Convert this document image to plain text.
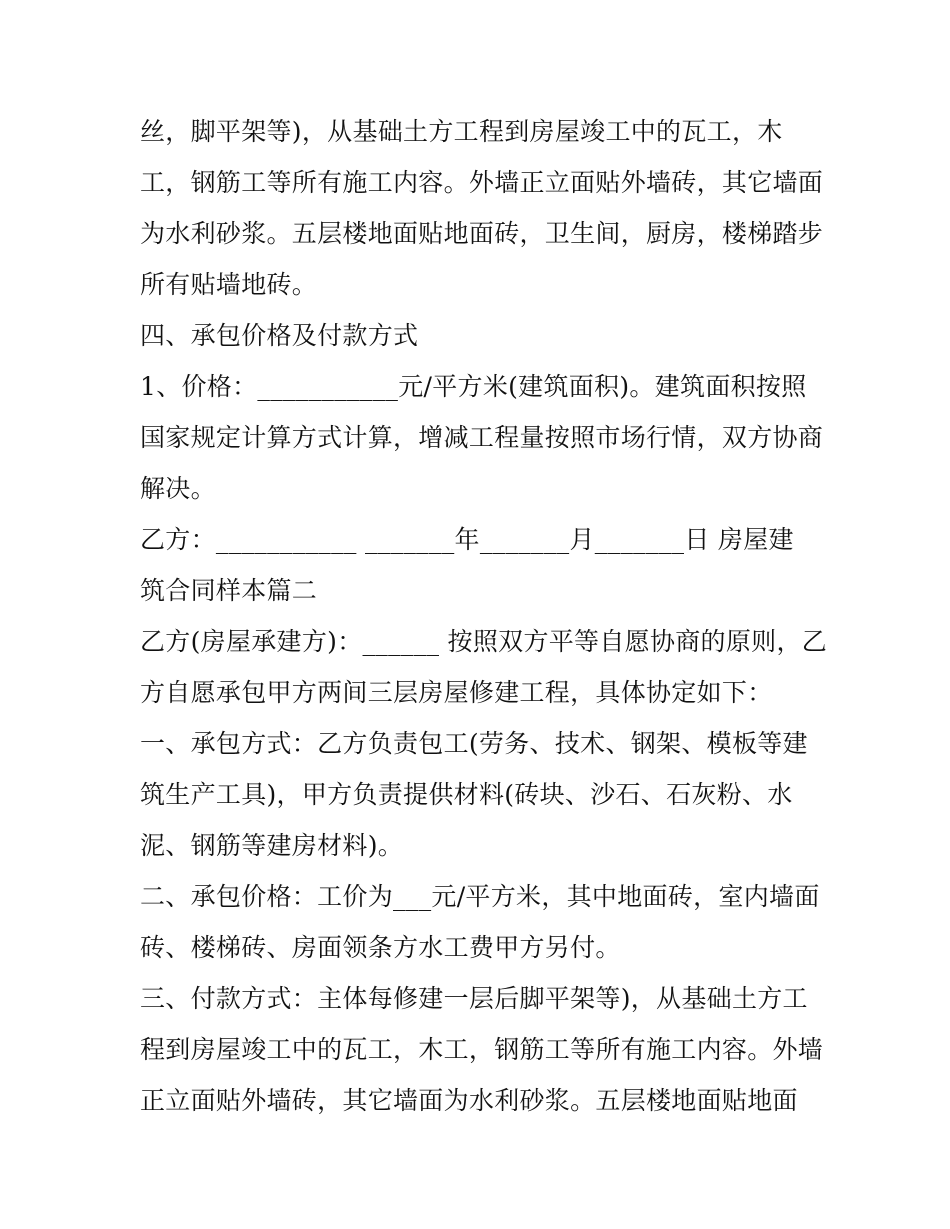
丝，脚平架等)，从基础土方工程到房屋竣工中的瓦工，木
工，钢筋工等所有施工内容。外墙正立面贴外墙砖，其它墙面
为水利砂浆。五层楼地面贴地面砖，卫生间，厨房，楼梯踏步
所有贴墙地砖。
四、承包价格及付款方式
1、价格：___________元/平方米(建筑面积)。建筑面积按照
国家规定计算方式计算，增减工程量按照市场行情，双方协商
解决。
乙方：___________ _______年_______月_______日 房屋建
筑合同样本篇二
乙方(房屋承建方)：______ 按照双方平等自愿协商的原则，乙
方自愿承包甲方两间三层房屋修建工程，具体协定如下：
一、承包方式：乙方负责包工(劳务、技术、钢架、模板等建
筑生产工具)，甲方负责提供材料(砖块、沙石、石灰粉、水
泥、钢筋等建房材料)。
二、承包价格：工价为___元/平方米，其中地面砖，室内墙面
砖、楼梯砖、房面领条方水工费甲方另付。
三、付款方式：主体每修建一层后脚平架等)，从基础土方工
程到房屋竣工中的瓦工，木工，钢筋工等所有施工内容。外墙
正立面贴外墙砖，其它墙面为水利砂浆。五层楼地面贴地面
